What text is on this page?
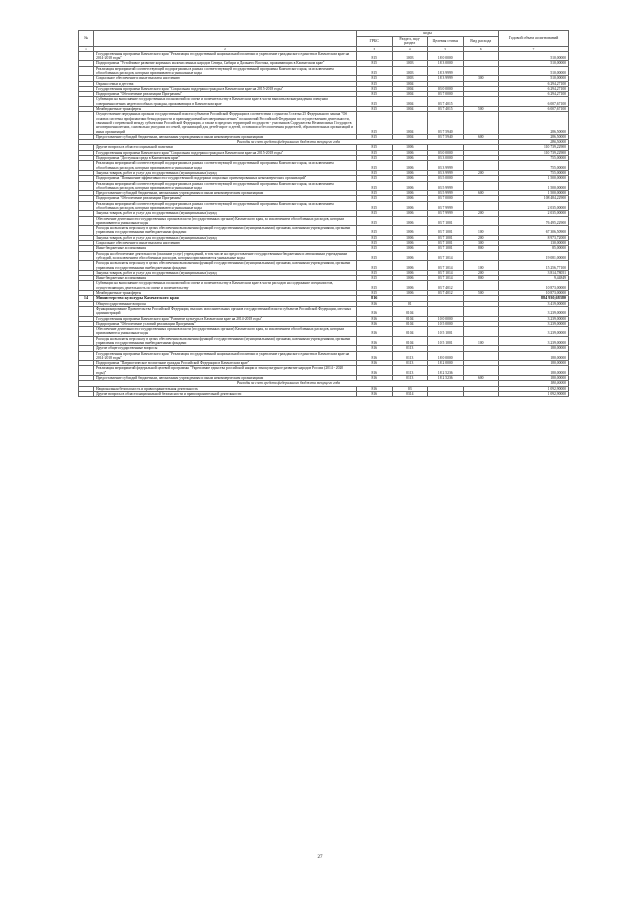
№		коды				Годовой объем ассигнований
		ГРБС	Раздел, под-раздел	Целевая статья	Вид расхода	
1	2	3	4	5	6	7
	Государственная программа Камчатского края "Реализация государственной национальной политики и укрепление гражданского единства в Камчатском крае на 2014-2018 годы"	815	1003	18 0 0000		510,00000
	Подпрограмма "Устойчивое развитие коренных малочисленных народов Севера, Сибири и Дальнего Востока, проживающих в Камчатском крае"	815	1003	18 3 0000		510,00000
	Реализация мероприятий соответствующей подпрограммы в рамках соответствующей государственной программы Камчатского края, за исключением обособленных расходов, которым присваиваются уникальные коды	815	1003	18 3 9999		510,00000
	Социальное обеспечение и иные выплаты населению	815	1003	18 3 9999	300	510,00000
	Охрана семьи и детства	815	1004			6 294,27100
	Государственная программа Камчатского края "Социальная поддержка граждан в Камчатском крае на 2015-2018 годы"	815	1004	03 0 0000		6 294,27100
	Подпрограмма "Обеспечение реализации Программы"	815	1004	03 7 0000		6 294,27100
	Субвенции на выполнение государственных полномочий по опеке и попечительству в Камчатском крае в части выплаты вознаграждения опекунам совершеннолетних недееспособных граждан, проживающих в Камчатском крае	815	1004	03 7 4015		6 007,67100
	Межбюджетные трансферты	815	1004	03 7 4015	500	6 007,67100
	Осуществление переданных органам государственной власти субъектов Российской Федерации в соответствии с пунктом 3 статьи 25 Федерального закона "Об основах системы профилактики безнадзорности и правонарушений несовершеннолетних" полномочий Российской Федерации по осуществлению деятельности, связанной с перевозкой между субъектами Российской Федерации, а также в пределах территорий государств - участников Содружества Независимых Государств несовершеннолетних, самовольно ушедших из семей, организаций для детей-сирот и детей, оставшихся без попечения родителей, образовательных организаций и иных организаций	815	1004	03 7 5940		286,50000
	Предоставление субсидий бюджетным, автономным учреждениям и иным некоммерческим организациям	815	1004	03 7 5940	600	286,50000
Расходы за счет средств федерального бюджета текущего года						286,50000
	Другие вопросы в области социальной политики	815	1006			110 739,22900
	Государственная программа Камчатского края "Социальная поддержка граждан в Камчатском крае на 2015-2018 годы"	815	1006	03 0 0000		110 739,22900
	Подпрограмма "Доступная среда в Камчатском крае"	815	1006	03 3 0000		755,00000
	Реализация мероприятий соответствующей подпрограммы в рамках соответствующей государственной программы Камчатского края, за исключением обособленных расходов, которым присваиваются уникальные коды	815	1006	03 3 9999		755,00000
	Закупка товаров, работ и услуг для государственных (муниципальных) нужд	815	1006	03 3 9999	200	755,00000
	Подпрограмма "Повышение эффективности государственной поддержки социально ориентированных некоммерческих организаций"	815	1006	03 5 0000		1 500,00000
	Реализация мероприятий соответствующей подпрограммы в рамках соответствующей государственной программы Камчатского края, за исключением обособленных расходов, которым присваиваются уникальные коды	815	1006	03 5 9999		1 500,00000
	Предоставление субсидий бюджетным, автономным учреждениям и иным некоммерческим организациям	815	1006	03 5 9999	600	1 500,00000
	Подпрограмма "Обеспечение реализации Программы"	815	1006	03 7 0000		108 484,22900
	Реализация мероприятий соответствующей подпрограммы в рамках соответствующей государственной программы Камчатского края, за исключением обособленных расходов, которым присваиваются уникальные коды	815	1006	03 7 9999		2 035,00000
	Закупка товаров, работ и услуг для государственных (муниципальных) нужд	815	1006	03 7 9999	200	2 035,00000
	Обеспечение деятельности государственных органов власти (государственных органов) Камчатского края, за исключением обособленных расходов, которым присваиваются уникальные коды	815	1006	03 7 1001		76 495,22900
	Расходы на выплаты персоналу в целях обеспечения выполнения функций государственными (муниципальными) органами, казенными учреждениями, органами управления государственными внебюджетными фондами	815	1006	03 7 1001	100	67 306,50900
	Закупка товаров, работ и услуг для государственных (муниципальных) нужд	815	1006	03 7 1001	200	8 973,72000
	Социальное обеспечение и иные выплаты населению	815	1006	03 7 1001	300	130,00000
	Иные бюджетные ассигнования	815	1006	03 7 1001	800	85,00000
	Расходы на обеспечение деятельности (оказание услуг) учреждений, в том числе на предоставление государственным бюджетным и автономным учреждениям субсидий, за исключением обособленных расходов, которым присваиваются уникальные коды	815	1006	03 7 1014		19 081,00000
	Расходы на выплаты персоналу в целях обеспечения выполнения функций государственными (муниципальными) органами, казенными учреждениями, органами управления государственными внебюджетными фондами	815	1006	03 7 1014	100	15 256,77100
	Закупка товаров, работ и услуг для государственных (муниципальных) нужд	815	1006	03 7 1014	200	3 814,78051
	Иные бюджетные ассигнования	815	1006	03 7 1014	800	9,44849
	Субвенции на выполнение государственных полномочий по опеке и попечительству в Камчатском крае в части расходов на содержание специалистов, осуществляющих деятельность по опеке и попечительству	815	1006	03 7 4012		10 873,00000
	Межбюджетные трансферты	815	1006	03 7 4012	500	10 873,00000
14	Министерство культуры Камчатского края	816				884 930,68380
	Общегосударственные вопросы	816	01			3 419,00000
	Функционирование Правительства Российской Федерации, высших исполнительных органов государственной власти субъектов Российской Федерации, местных администраций	816	0104			3 239,00000
	Государственная программа Камчатского края "Развитие культуры в Камчатском крае на 2014-2018 годы"	816	0104	10 0 0000		3 239,00000
	Подпрограмма "Обеспечение условий реализации Программы"	816	0104	10 5 0000		3 239,00000
	Обеспечение деятельности государственных органов власти (государственных органов) Камчатского края, за исключением обособленных расходов, которым присваиваются уникальные коды	816	0104	10 5 1001		3 239,00000
	Расходы на выплаты персоналу в целях обеспечения выполнения функций государственными (муниципальными) органами, казенными учреждениями, органами управления государственными внебюджетными фондами	816	0104	10 5 1001	100	3 239,00000
	Другие общегосударственные вопросы	816	0113			180,00000
	Государственная программа Камчатского края "Реализация государственной национальной политики и укрепление гражданского единства в Камчатском крае на 2014-2018 годы"	816	0113	18 0 0000		180,00000
	Подпрограмма "Патриотическое воспитание граждан Российской Федерации в Камчатском крае"	816	0113	18 2 0000		180,00000
	Реализация мероприятий федеральной целевой программы "Укрепление единства российской нации и этнокультурное развитие народов России (2014 - 2020 годы)"	816	0113	18 2 5236		180,00000
	Предоставление субсидий бюджетным, автономным учреждениям и иным некоммерческим организациям	816	0113	18 2 5236	600	180,00000
Расходы за счет средств федерального бюджета текущего года						180,00000
	Национальная безопасность и правоохранительная деятельность	816	03			1 092,90000
	Другие вопросы в области национальной безопасности и правоохранительной деятельности	816	0314			1 092,90000
27
